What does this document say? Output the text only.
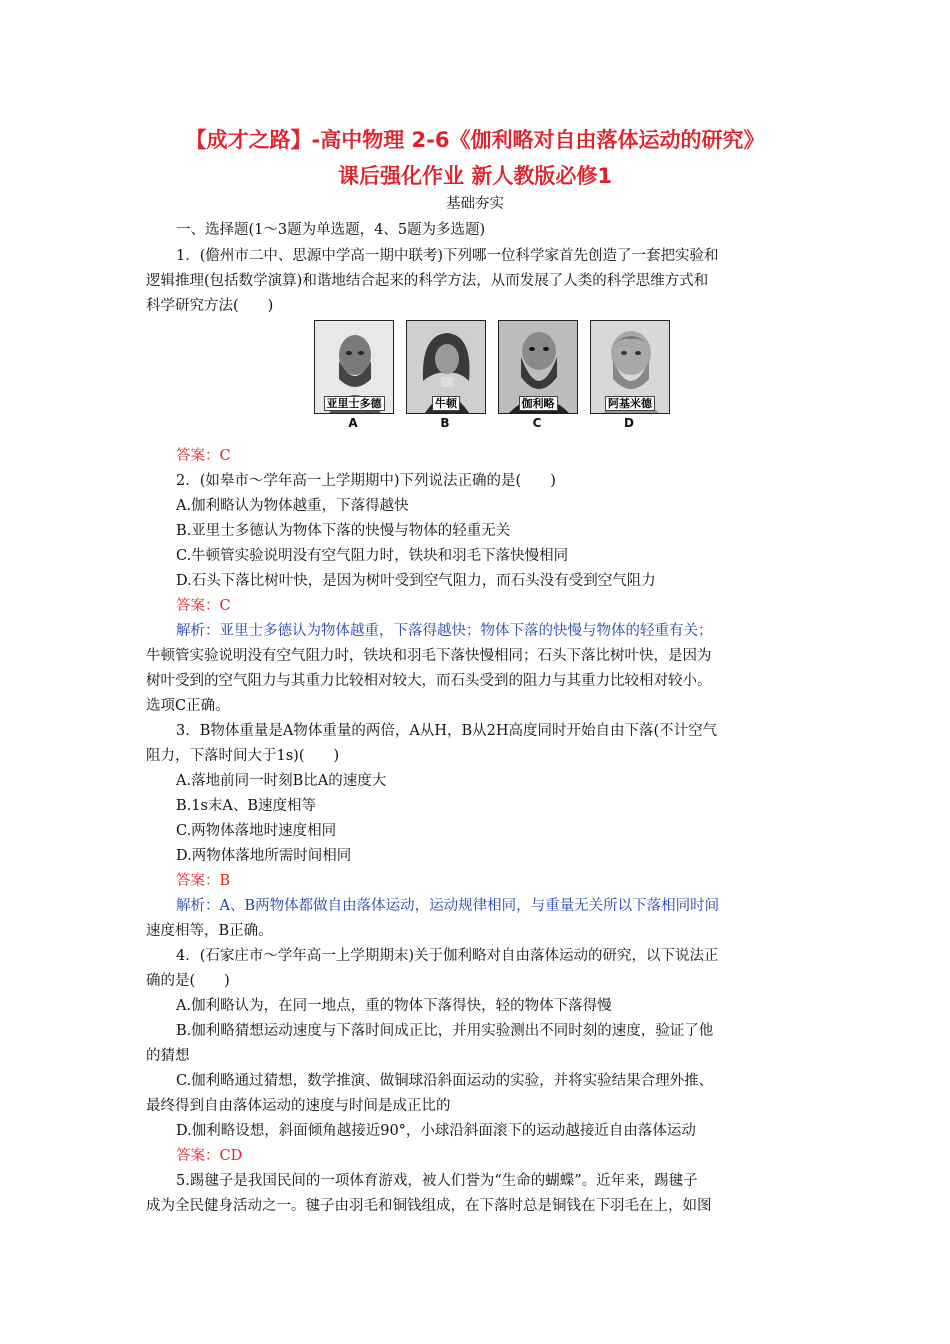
【成才之路】-高中物理 2-6《伽利略对自由落体运动的研究》
课后强化作业 新人教版必修1
基础夯实
一、选择题(1～3题为单选题，4、5题为多选题)
1．(儋州市二中、思源中学高一期中联考)下列哪一位科学家首先创造了一套把实验和
逻辑推理(包括数学演算)和谐地结合起来的科学方法，从而发展了人类的科学思维方式和
科学研究方法(　　)
答案：C
2．(如皋市～学年高一上学期期中)下列说法正确的是(　　)
A.伽利略认为物体越重，下落得越快
B.亚里士多德认为物体下落的快慢与物体的轻重无关
C.牛顿管实验说明没有空气阻力时，铁块和羽毛下落快慢相同
D.石头下落比树叶快，是因为树叶受到空气阻力，而石头没有受到空气阻力
答案：C
解析：亚里士多德认为物体越重，下落得越快；物体下落的快慢与物体的轻重有关；
牛顿管实验说明没有空气阻力时，铁块和羽毛下落快慢相同；石头下落比树叶快，是因为
树叶受到的空气阻力与其重力比较相对较大，而石头受到的阻力与其重力比较相对较小。
选项C正确。
3．B物体重量是A物体重量的两倍，A从H，B从2H高度同时开始自由下落(不计空气
阻力，下落时间大于1s)(　　)
A.落地前同一时刻B比A的速度大
B.1s末A、B速度相等
C.两物体落地时速度相同
D.两物体落地所需时间相同
答案：B
解析：A、B两物体都做自由落体运动，运动规律相同，与重量无关所以下落相同时间
速度相等，B正确。
4．(石家庄市～学年高一上学期期末)关于伽利略对自由落体运动的研究，以下说法正
确的是(　　)
A.伽利略认为，在同一地点，重的物体下落得快，轻的物体下落得慢
B.伽利略猜想运动速度与下落时间成正比，并用实验测出不同时刻的速度，验证了他
的猜想
C.伽利略通过猜想，数学推演、做铜球沿斜面运动的实验，并将实验结果合理外推、
最终得到自由落体运动的速度与时间是成正比的
D.伽利略设想，斜面倾角越接近90°，小球沿斜面滚下的运动越接近自由落体运动
答案：CD
5.踢毽子是我国民间的一项体育游戏，被人们誉为“生命的蝴蝶”。近年来，踢毽子
成为全民健身活动之一。毽子由羽毛和铜钱组成，在下落时总是铜钱在下羽毛在上，如图
亚里士多德	牛顿	伽利略	阿基米德
A	B	C	D
